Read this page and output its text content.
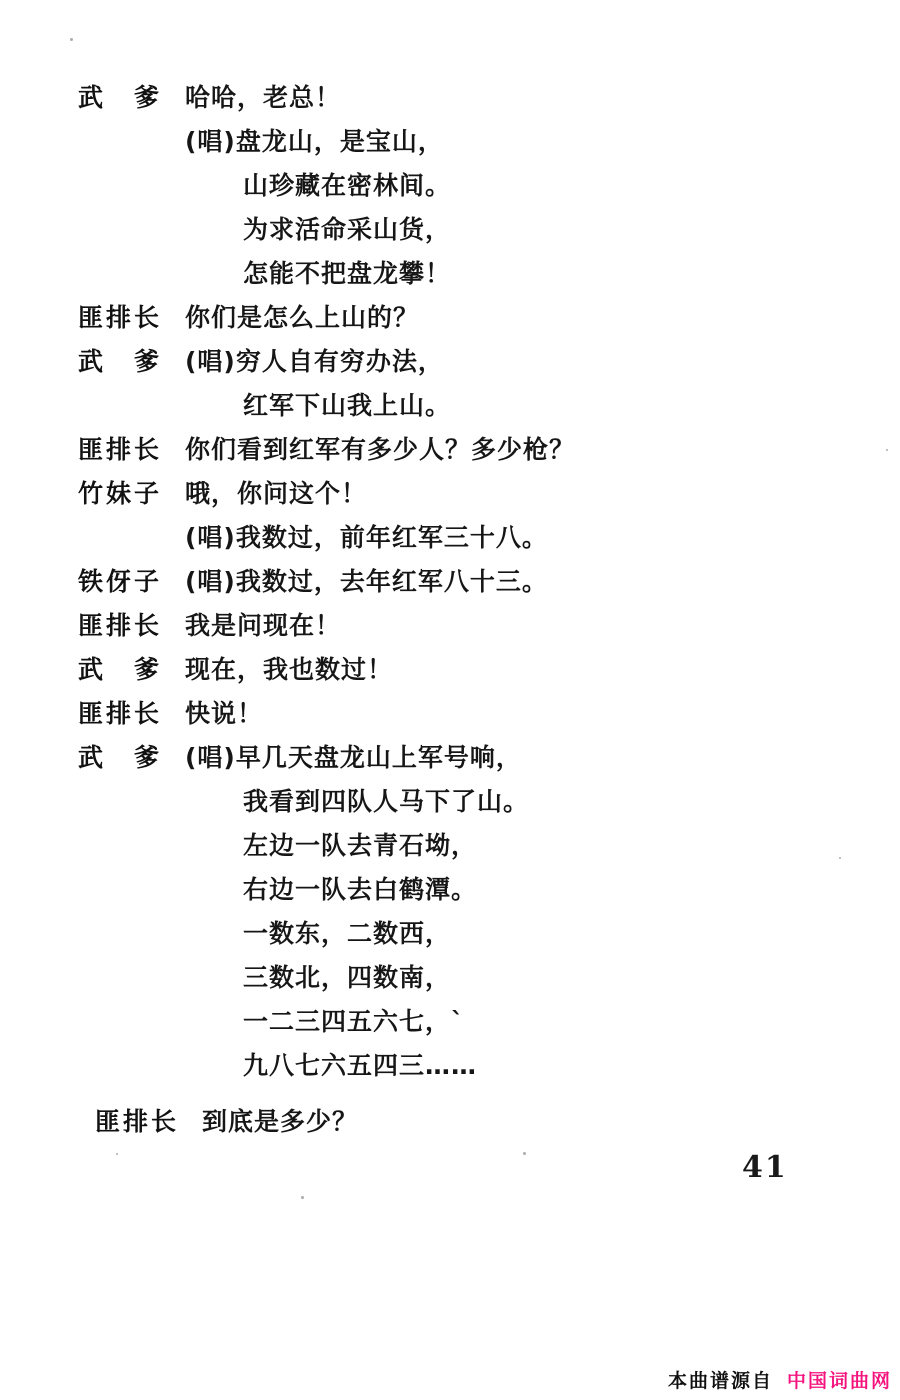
武　爹 哈哈，老总！
(唱)盘龙山，是宝山，
山珍藏在密林间。
为求活命采山货，
怎能不把盘龙攀！
匪排长 你们是怎么上山的？
武　爹 (唱)穷人自有穷办法，
红军下山我上山。
匪排长 你们看到红军有多少人？多少枪？
竹妹子 哦，你问这个！
(唱)我数过，前年红军三十八。
铁伢子 (唱)我数过，去年红军八十三。
匪排长 我是问现在！
武　爹 现在，我也数过！
匪排长 快说！
武　爹 (唱)早几天盘龙山上军号响，
我看到四队人马下了山。
左边一队去青石坳，
右边一队去白鹤潭。
一数东，二数西，
三数北，四数南，
一二三四五六七，ˋ
九八七六五四三……
匪排长 到底是多少？
41
本曲谱源自 中国词曲网
